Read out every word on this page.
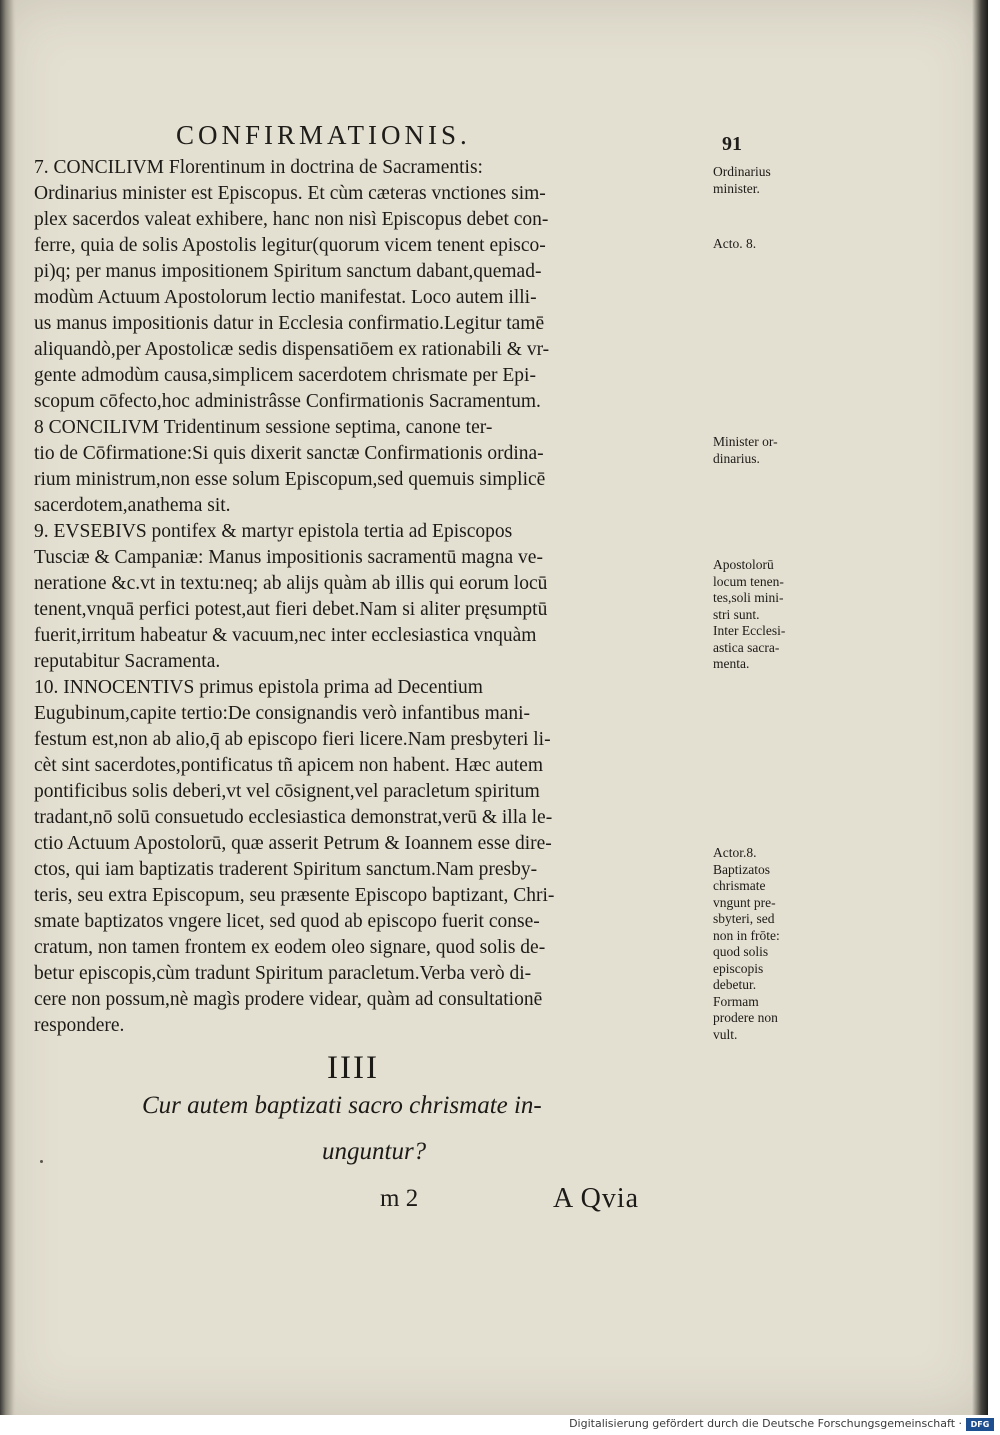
CONFIRMATIONIS.	91
7. CONCILIVM Florentinum in doctrina de Sacramentis:
Ordinarius minister est Episcopus. Et cùm cæteras vnctiones sim-
plex sacerdos valeat exhibere, hanc non nisì Episcopus debet con-
ferre, quia de solis Apostolis legitur(quorum vicem tenent episco-
pi)q; per manus impositionem Spiritum sanctum dabant,quemad-
modùm Actuum Apostolorum lectio manifestat. Loco autem illi-
us manus impositionis datur in Ecclesia confirmatio.Legitur tamē
aliquandò,per Apostolicæ sedis dispensatiōem ex rationabili & vr-
gente admodùm causa,simplicem sacerdotem chrismate per Epi-
scopum cōfecto,hoc administrâsse Confirmationis Sacramentum.
8 CONCILIVM Tridentinum sessione septima, canone ter-
tio de Cōfirmatione:Si quis dixerit sanctæ Confirmationis ordina-
rium ministrum,non esse solum Episcopum,sed quemuis simplicē
sacerdotem,anathema sit.
9. EVSEBIVS pontifex & martyr epistola tertia ad Episcopos
Tusciæ & Campaniæ: Manus impositionis sacramentū magna ve-
neratione &c.vt in textu:neq; ab alijs quàm ab illis qui eorum locū
tenent,vnquā perfici potest,aut fieri debet.Nam si aliter pręsumptū
fuerit,irritum habeatur & vacuum,nec inter ecclesiastica vnquàm
reputabitur Sacramenta.
10. INNOCENTIVS primus epistola prima ad Decentium
Eugubinum,capite tertio:De consignandis verò infantibus mani-
festum est,non ab alio,q̄ ab episcopo fieri licere.Nam presbyteri li-
cèt sint sacerdotes,pontificatus tñ apicem non habent. Hæc autem
pontificibus solis deberi,vt vel cōsignent,vel paracletum spiritum
tradant,nō solū consuetudo ecclesiastica demonstrat,verū & illa le-
ctio Actuum Apostolorū, quæ asserit Petrum & Ioannem esse dire-
ctos, qui iam baptizatis traderent Spiritum sanctum.Nam presby-
teris, seu extra Episcopum, seu præsente Episcopo baptizant, Chri-
smate baptizatos vngere licet, sed quod ab episcopo fuerit conse-
cratum, non tamen frontem ex eodem oleo signare, quod solis de-
betur episcopis,cùm tradunt Spiritum paracletum.Verba verò di-
cere non possum,nè magìs prodere videar, quàm ad consultationē
respondere.
Ordinarius
minister.
Acto. 8.
Minister or-
dinarius.
Apostolorū
locum tenen-
tes,soli mini-
stri sunt.
Inter Ecclesi-
astica sacra-
menta.
Actor.8.
Baptizatos
chrismate
vngunt pre-
sbyteri, sed
non in frōte:
quod solis
episcopis
debetur.
Formam
prodere non
vult.
IIII
Cur autem baptizati sacro chrismate in-
unguntur?
m 2	A Qvia
Digitalisierung gefördert durch die Deutsche Forschungsgemeinschaft ·	DFG
